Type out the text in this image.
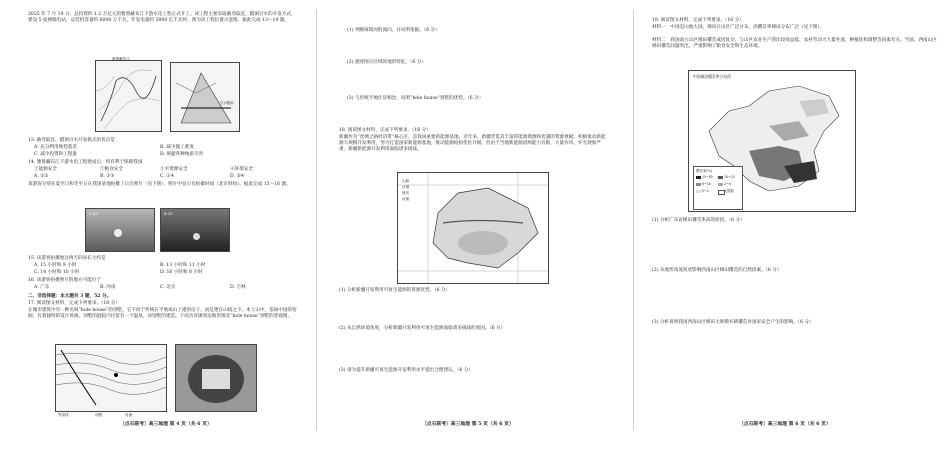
2025 年 7 月 19 日，总投资约 1.2 万亿元的雅鲁藏布江下游水电工程正式开工。该工程主要采取截弯取直、隧洞引水的开发方式，建设 5 座梯级电站，总装机容量约 6000 万千瓦，年发电量约 3000 亿千瓦时。图为该工程位置示意图。据此完成 13～14 题。
雅鲁藏布江
引水隧洞
13. 截弯取直、隧洞引水开发模式的优点是
A. 充分利用地势落差	B. 减少施工难度
C. 减少投资和工程量	D. 规避各种地质灾害
14. 雅鲁藏布江下游水电工程建成后，将有利于保障我国
①能源安全	②粮食安全	③水资源安全	④环境安全
A. ①②	B. ②③	C. ①④	D. ③④
某游客分别在夏至日和冬至日在我国某地拍摄了日出照片（见下图），照片中显示有拍摄时间（北京时间）。据此完成 15～16 题。
5:43	8:29
15. 该游客拍摄地这两天的昼长大约是
A. 15 小时和 9 小时	B. 13 小时和 11 小时
C. 14 小时和 10 小时	D. 16 小时和 8 小时
16. 该游客拍摄照片的地方可能位于
A. 广东	B. 河南	C. 北京	D. 吉林
二、非选择题：本大题共 3 题，52 分。
17. 阅读图文材料，完成下列要求。（18 分）
在城市建筑中有一种名叫“hole house”的别墅。它不同于传统在平地或山上建的房子，而是建在山坡之下。本土山中，依如中国的窑洞，有着独特的设计风格。别墅的庭院内径留有一个温泉，该别墅的建造。下面为该镇周边地形图及“hole house”别墅的景观图。
等高线	别墅	河流
〔点石联考〕高三地理 第 4 页（共 6 页）
(1) 判断琢瑞河的流向，并说明依据。（6 分）
(2) 描述图示区域的地形特征。（6 分）
(3) 与传统平地住房相比，说明“hole house”别墅的优势。（6 分）
18. 阅读图文材料，完成下列要求。（18 分）
新疆作为“丝绸之路经济带”核心区，是我国重要的能源基地。近年来，新疆凭借其丰富的能源资源和优越的资源禀赋，积极推动新能源大规模开发利用，努力打造国家新能源基地，推动能源结构优化升级。但由于当地新能源消纳能力有限，大量弃风、弃光现象严重，新疆新能源开发利用面临诸多挑战。
山脉
沙漠
城市
河流
(1) 分析新疆开发利用可再生能源的资源优势。（6 分）
(2) 从自然环境角度，分析新疆开发利用可再生能源面临诸多挑战的原因。（6 分）
(3) 请为提升新疆可再生能源开发利用水平提出合理建议。（6 分）
〔点石联考〕高三地理 第 5 页（共 6 页）
19. 阅读图文材料，完成下列要求。（16 分）
材料一　中国是山地大国，梯田在山区广泛分布，高撂荒率梯田分布广泛（见下图）。
材料二　我国南方山区梯田撂荒成因复杂，与山区农业生产的比较效益低、农村劳动力大量外流、种植结构调整等因素有关。当前，西南山区梯田撂荒问题突出，严重影响了粮食安全和生态环境。
中国梯田撂荒率分布图
撂荒率(%)
25~45	16~25
8~16	2~8
0~2	无数据
(1) 分析广东省梯田撂荒率高的原因。（6 分）
(2) 从地形角度简述影响西南山区梯田撂荒的自然因素。（6 分）
(3) 分析说明我国西南山区梯田大规模弃耕撂荒对国家安全产生的影响。（6 分）
〔点石联考〕高三地理 第 6 页（共 6 页）
